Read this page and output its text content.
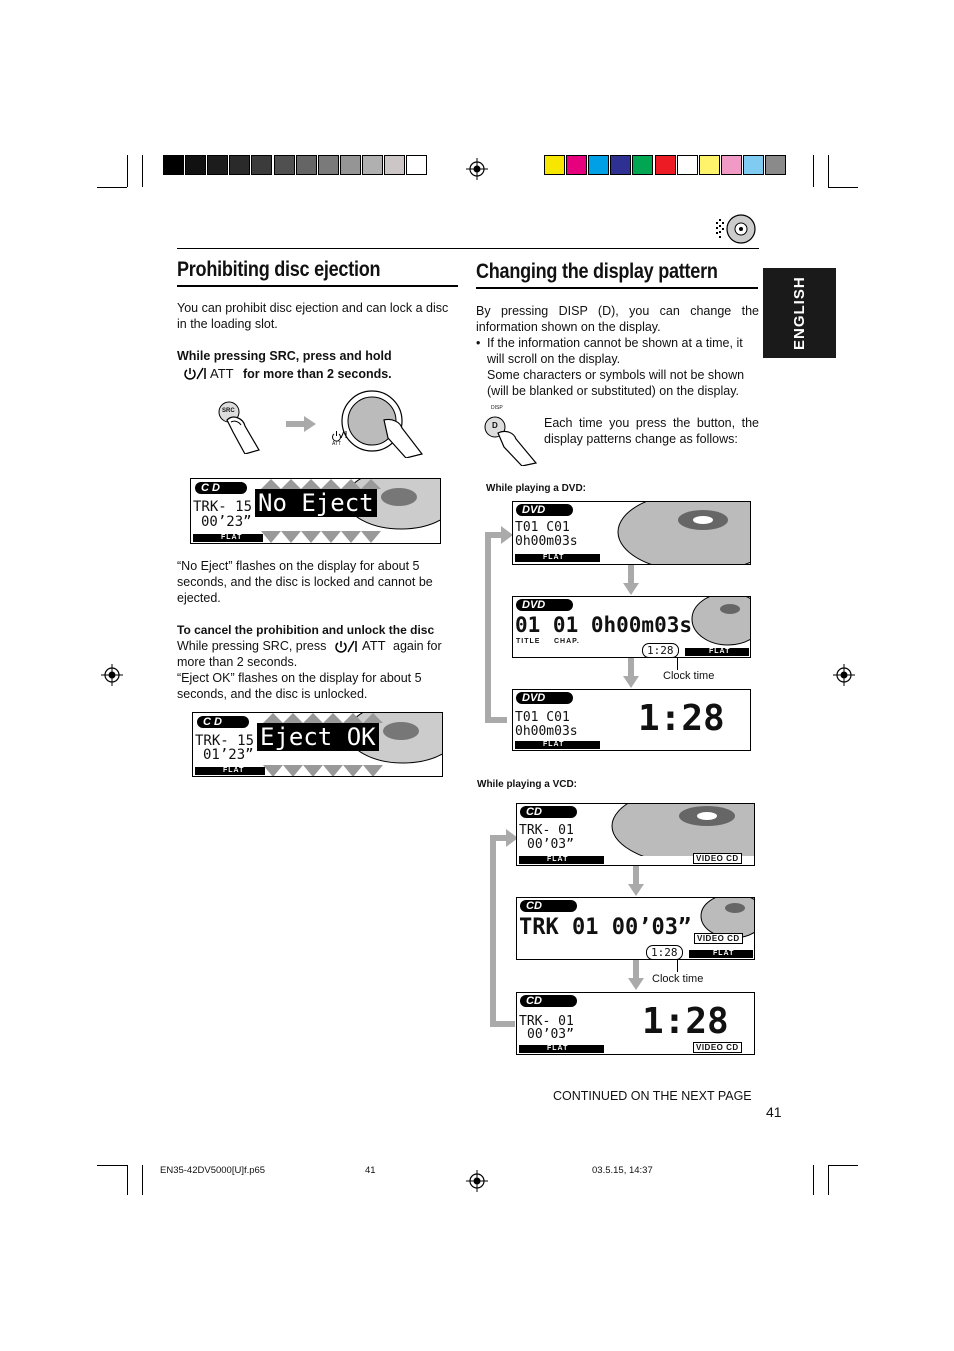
ENGLISH
Prohibiting disc ejection
You can prohibit disc ejection and can lock a disc in the loading slot.
While pressing SRC, press and hold
ATT for more than 2 seconds.
SRC
ATT
C D
TRK- 15
00’23”
FLAT
No Eject
“No Eject” flashes on the display for about 5 seconds, and the disc is locked and cannot be ejected.
To cancel the prohibition and unlock the disc
While pressing SRC, press	ATT again for
more than 2 seconds.
“Eject OK” flashes on the display for about 5
seconds, and the disc is unlocked.
C D
TRK- 15
01’23”
FLAT
Eject OK
Changing the display pattern
By pressing DISP (D), you can change the information shown on the display.
• If the information cannot be shown at a time, it will scroll on the display.
Some characters or symbols will not be shown (will be blanked or substituted) on the display.
DISP
D	Each time you press the button, the display patterns change as follows:
While playing a DVD:
DVD
T01 C01
0h00m03s
FLAT
DVD
01 01 0h00m03s
TITLE CHAP.
1:28	FLAT
Clock time
DVD
T01 C01
0h00m03s 1:28
FLAT
While playing a VCD:
CD
TRK- 01
00’03”
FLAT	VIDEO CD
CD
TRK 01 00’03” VIDEO CD
1:28	FLAT
Clock time
CD
TRK- 01
00’03” 1:28
FLAT	VIDEO CD
CONTINUED ON THE NEXT PAGE
41
EN35-42DV5000[U]f.p65	41	03.5.15, 14:37
